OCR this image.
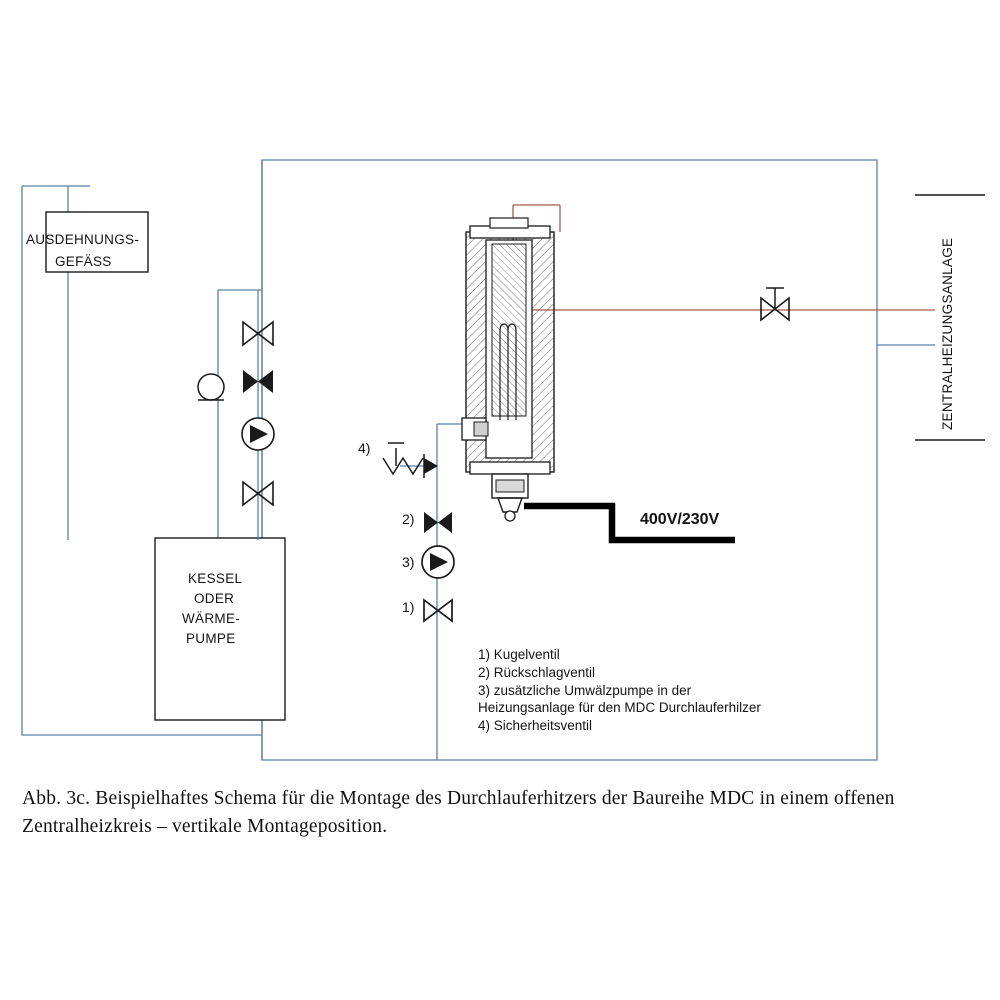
AUSDEHNUNGS-
GEFÄSS
KESSEL
ODER
WÄRME-
PUMPE
400V/230V
2)
3)
1)
4)
ZENTRALHEIZUNGSANLAGE
1) Kugelventil
2) Rückschlagventil
3) zusätzliche Umwälzpumpe in der
Heizungsanlage für den MDC Durchlauferhilzer
4) Sicherheitsventil
Abb. 3c. Beispielhaftes Schema für die Montage des Durchlauferhitzers der Baureihe MDC in einem offenen Zentralheizkreis – vertikale Montageposition.
